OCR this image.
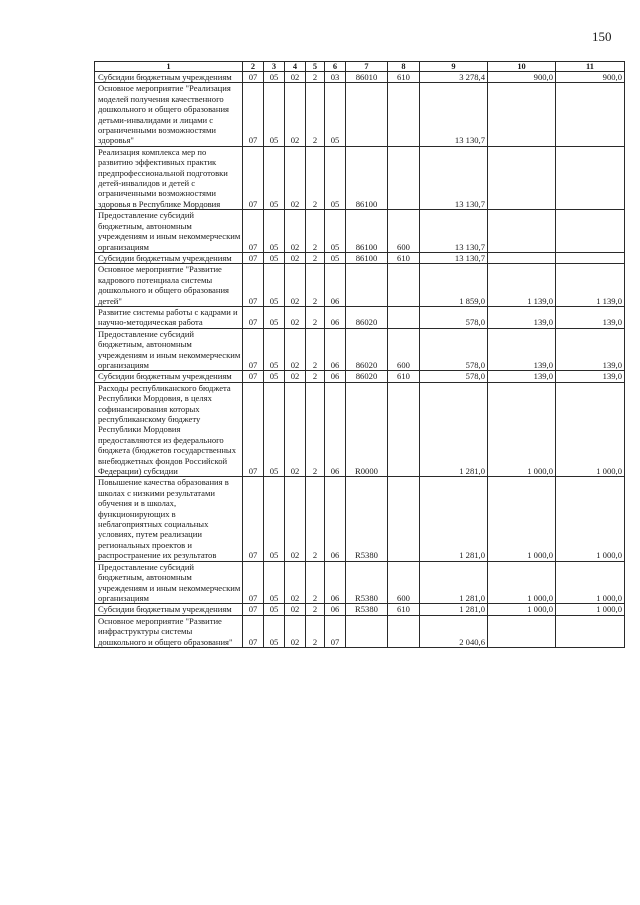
150
1	2	3	4	5	6	7	8	9	10	11
Субсидии бюджетным учреждениям	07	05	02	2	03	86010	610	3 278,4	900,0	900,0
Основное мероприятие "Реализация моделей получения качественного дошкольного и общего образования детьми-инвалидами и лицами с ограниченными возможностями здоровья"	07	05	02	2	05			13 130,7		
Реализация комплекса мер по развитию эффективных практик предпрофессиональной подготовки детей-инвалидов и детей с ограниченными возможностями здоровья в Республике Мордовия	07	05	02	2	05	86100		13 130,7		
Предоставление субсидий бюджетным, автономным учреждениям и иным некоммерческим организациям	07	05	02	2	05	86100	600	13 130,7		
Субсидии бюджетным учреждениям	07	05	02	2	05	86100	610	13 130,7		
Основное мероприятие "Развитие кадрового потенциала системы дошкольного и общего образования детей"	07	05	02	2	06			1 859,0	1 139,0	1 139,0
Развитие системы работы с кадрами и научно-методическая работа	07	05	02	2	06	86020		578,0	139,0	139,0
Предоставление субсидий бюджетным, автономным учреждениям и иным некоммерческим организациям	07	05	02	2	06	86020	600	578,0	139,0	139,0
Субсидии бюджетным учреждениям	07	05	02	2	06	86020	610	578,0	139,0	139,0
Расходы республиканского бюджета Республики Мордовия, в целях софинансирования которых республиканскому бюджету Республики Мордовия предоставляются из федерального бюджета (бюджетов государственных внебюджетных фондов Российской Федерации) субсидии	07	05	02	2	06	R0000		1 281,0	1 000,0	1 000,0
Повышение качества образования в школах с низкими результатами обучения и в школах, функционирующих в неблагоприятных социальных условиях, путем реализации региональных проектов и распространение их результатов	07	05	02	2	06	R5380		1 281,0	1 000,0	1 000,0
Предоставление субсидий бюджетным, автономным учреждениям и иным некоммерческим организациям	07	05	02	2	06	R5380	600	1 281,0	1 000,0	1 000,0
Субсидии бюджетным учреждениям	07	05	02	2	06	R5380	610	1 281,0	1 000,0	1 000,0
Основное мероприятие "Развитие инфраструктуры системы дошкольного и общего образования"	07	05	02	2	07			2 040,6		
